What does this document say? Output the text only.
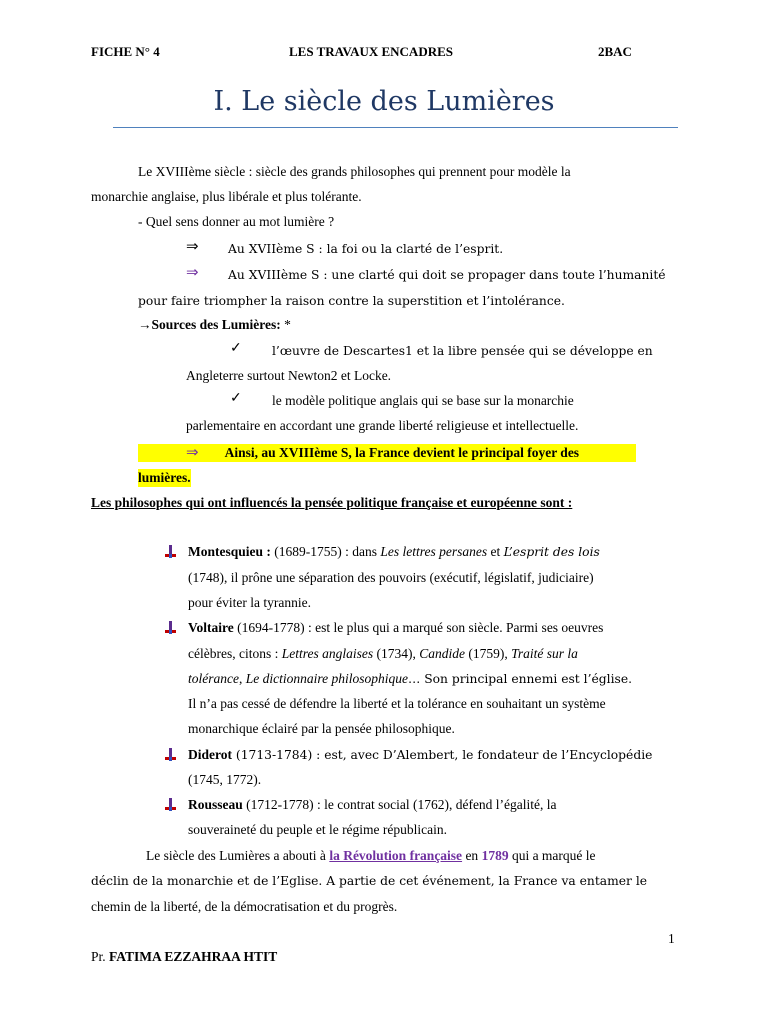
FICHE N° 4	LES TRAVAUX ENCADRES	2BAC
I. Le siècle des Lumières
Le XVIIIème siècle : siècle des grands philosophes qui prennent pour modèle la
monarchie anglaise, plus libérale et plus tolérante.
- Quel sens donner au mot lumière ?
⇒ Au XVIIème S : la foi ou la clarté de l’esprit.
⇒ Au XVIIIème S : une clarté qui doit se propager dans toute l’humanité
pour faire triompher la raison contre la superstition et l’intolérance.
→Sources des Lumières: *
✓ l’œuvre de Descartes1 et la libre pensée qui se développe en
Angleterre surtout Newton2 et Locke.
✓ le modèle politique anglais qui se base sur la monarchie
parlementaire en accordant une grande liberté religieuse et intellectuelle.
⇒ Ainsi, au XVIIIème S, la France devient le principal foyer des
lumières.
Les philosophes qui ont influencés la pensée politique française et européenne sont :
Montesquieu : (1689-1755) : dans Les lettres persanes et L’esprit des lois
(1748), il prône une séparation des pouvoirs (exécutif, législatif, judiciaire)
pour éviter la tyrannie.
Voltaire (1694-1778) : est le plus qui a marqué son siècle. Parmi ses oeuvres
célèbres, citons : Lettres anglaises (1734), Candide (1759), Traité sur la
tolérance, Le dictionnaire philosophique… Son principal ennemi est l’église.
Il n’a pas cessé de défendre la liberté et la tolérance en souhaitant un système
monarchique éclairé par la pensée philosophique.
Diderot (1713-1784) : est, avec D’Alembert, le fondateur de l’Encyclopédie
(1745, 1772).
Rousseau (1712-1778) : le contrat social (1762), défend l’égalité, la
souveraineté du peuple et le régime républicain.
Le siècle des Lumières a abouti à la Révolution française en 1789 qui a marqué le
déclin de la monarchie et de l’Eglise. A partie de cet événement, la France va entamer le
chemin de la liberté, de la démocratisation et du progrès.
1
Pr. FATIMA EZZAHRAA HTIT
